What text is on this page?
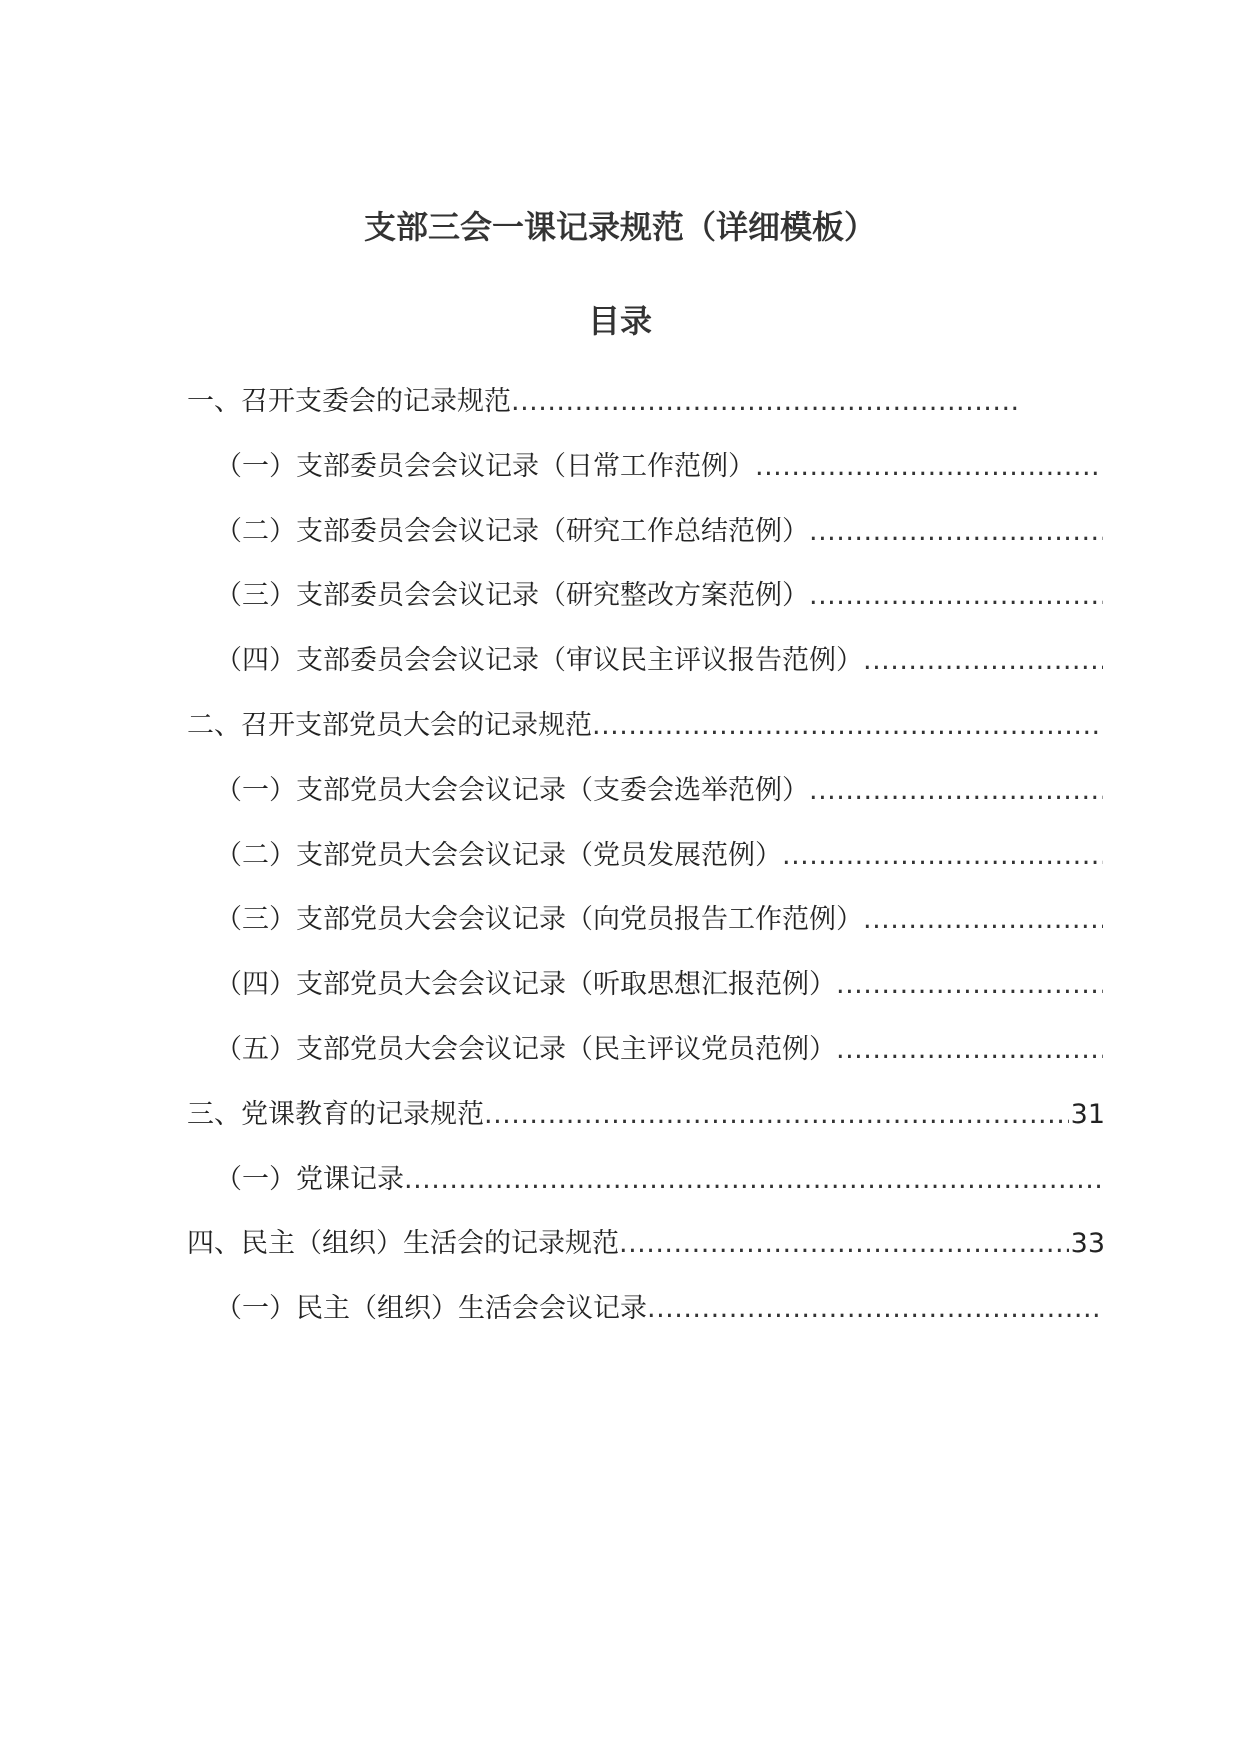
支部三会一课记录规范（详细模板）
目录
一、召开支委会的记录规范
.....
（一）支部委员会会议记录（日常工作范例）
.....
（二）支部委员会会议记录（研究工作总结范例）
.....
（三）支部委员会会议记录（研究整改方案范例）
.....
（四）支部委员会会议记录（审议民主评议报告范例）
.....
二、召开支部党员大会的记录规范
.....
（一）支部党员大会会议记录（支委会选举范例）
.....
（二）支部党员大会会议记录（党员发展范例）
.....
（三）支部党员大会会议记录（向党员报告工作范例）
.....
（四）支部党员大会会议记录（听取思想汇报范例）
.....
（五）支部党员大会会议记录（民主评议党员范例）
.....
三、党课教育的记录规范 .....	31
（一）党课记录
.....
四、民主（组织）生活会的记录规范 .....	33
（一）民主（组织）生活会会议记录
.....
